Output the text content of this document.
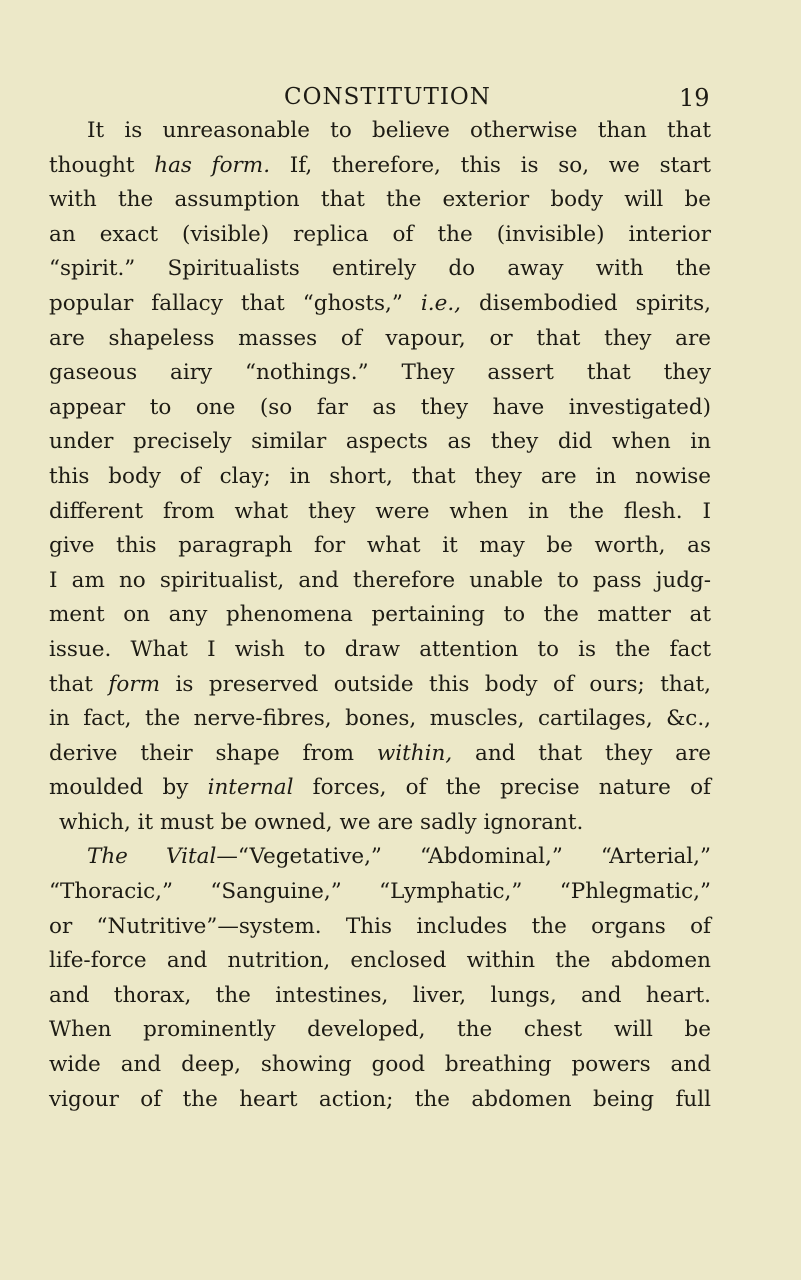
CONSTITUTION	19
It is unreasonable to believe otherwise than that
thought has form. If, therefore, this is so, we start
with the assumption that the exterior body will be
an exact (visible) replica of the (invisible) interior
“spirit.” Spiritualists entirely do away with the
popular fallacy that “ghosts,” i.e., disembodied spirits,
are shapeless masses of vapour, or that they are
gaseous airy “nothings.” They assert that they
appear to one (so far as they have investigated)
under precisely similar aspects as they did when in
this body of clay; in short, that they are in nowise
different from what they were when in the flesh. I
give this paragraph for what it may be worth, as
I am no spiritualist, and therefore unable to pass judg-
ment on any phenomena pertaining to the matter at
issue. What I wish to draw attention to is the fact
that form is preserved outside this body of ours; that,
in fact, the nerve-fibres, bones, muscles, cartilages, &c.,
derive their shape from within, and that they are
moulded by internal forces, of the precise nature of
which, it must be owned, we are sadly ignorant.
The Vital—“Vegetative,” “Abdominal,” “Arterial,”
“Thoracic,” “Sanguine,” “Lymphatic,” “Phlegmatic,”
or “Nutritive”—system. This includes the organs of
life-force and nutrition, enclosed within the abdomen
and thorax, the intestines, liver, lungs, and heart.
When prominently developed, the chest will be
wide and deep, showing good breathing powers and
vigour of the heart action; the abdomen being full
